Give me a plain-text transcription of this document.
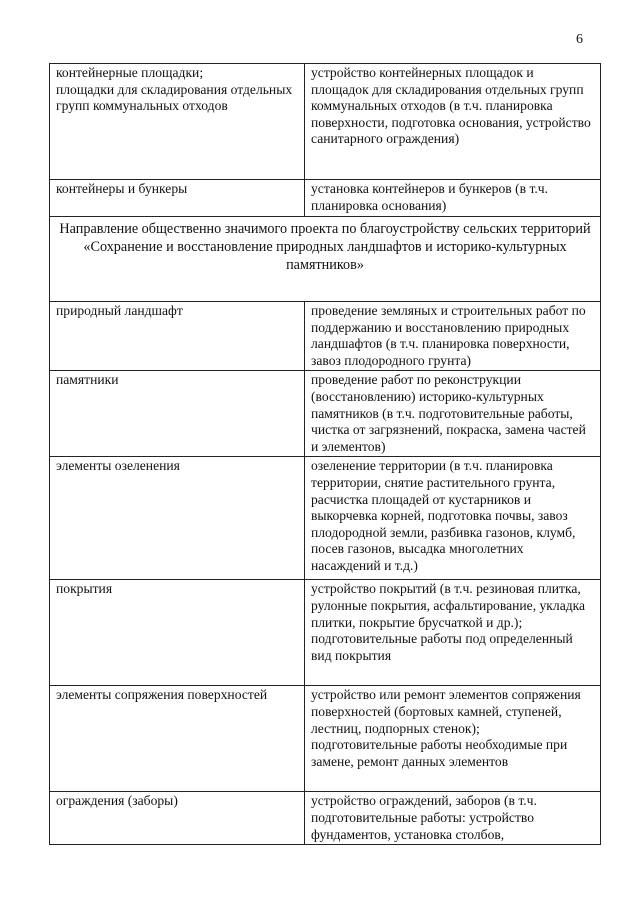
6
контейнерные площадки;
площадки для складирования отдельных групп коммунальных отходов	устройство контейнерных площадок и площадок для складирования отдельных групп коммунальных отходов (в т.ч. планировка поверхности, подготовка основания, устройство санитарного ограждения)
контейнеры и бункеры	установка контейнеров и бункеров (в т.ч. планировка основания)
Направление общественно значимого проекта по благоустройству сельских территорий
«Сохранение и восстановление природных ландшафтов и историко-культурных памятников»	
природный ландшафт	проведение земляных и строительных работ по поддержанию и восстановлению природных ландшафтов (в т.ч. планировка поверхности, завоз плодородного грунта)
памятники	проведение работ по реконструкции (восстановлению) историко-культурных памятников (в т.ч. подготовительные работы, чистка от загрязнений, покраска, замена частей и элементов)
элементы озеленения	озеленение территории (в т.ч. планировка территории, снятие растительного грунта, расчистка площадей от кустарников и выкорчевка корней, подготовка почвы, завоз плодородной земли, разбивка газонов, клумб, посев газонов, высадка многолетних насаждений и т.д.)
покрытия	устройство покрытий (в т.ч. резиновая плитка, рулонные покрытия, асфальтирование, укладка плитки, покрытие брусчаткой и др.);
подготовительные работы под определенный вид покрытия
элементы сопряжения поверхностей	устройство или ремонт элементов сопряжения поверхностей (бортовых камней, ступеней, лестниц, подпорных стенок);
подготовительные работы необходимые при замене, ремонт данных элементов
ограждения (заборы)	устройство ограждений, заборов (в т.ч. подготовительные работы: устройство фундаментов, установка столбов,
